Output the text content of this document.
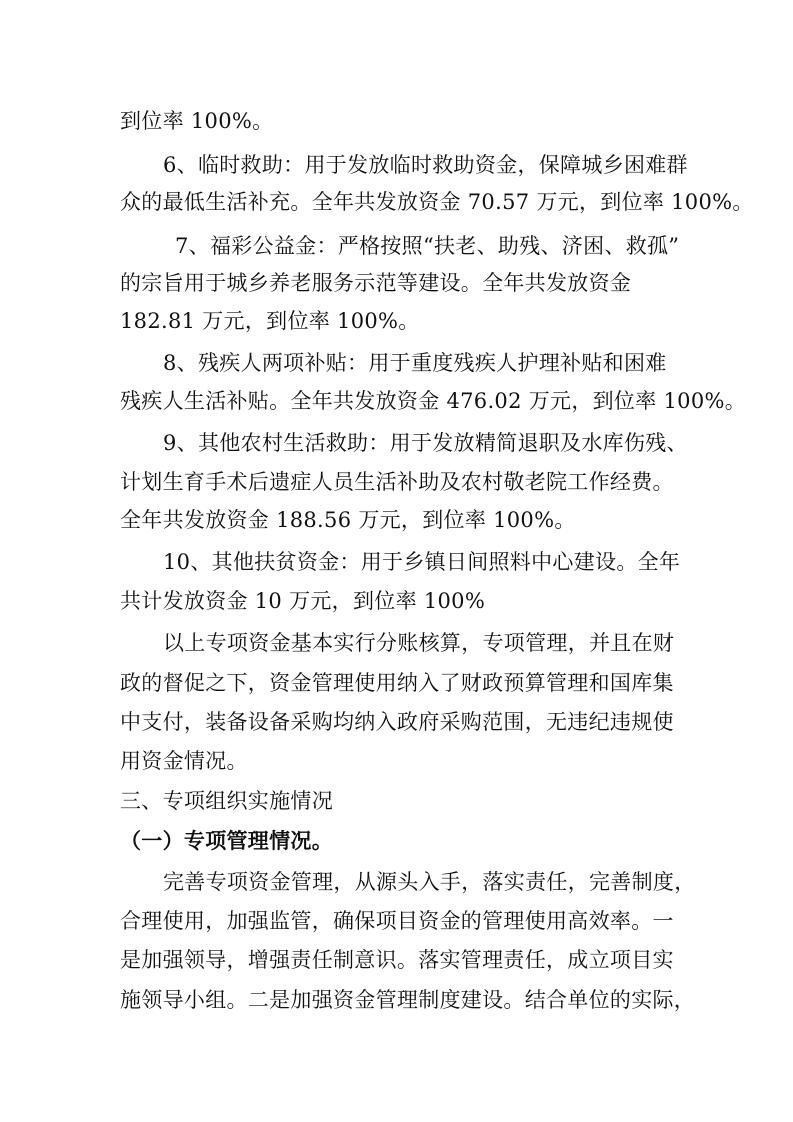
到位率 100%。
6、临时救助：用于发放临时救助资金，保障城乡困难群
众的最低生活补充。全年共发放资金 70.57 万元，到位率 100%。
7、福彩公益金：严格按照“扶老、助残、济困、救孤”
的宗旨用于城乡养老服务示范等建设。全年共发放资金
182.81 万元，到位率 100%。
8、残疾人两项补贴：用于重度残疾人护理补贴和困难
残疾人生活补贴。全年共发放资金 476.02 万元，到位率 100%。
9、其他农村生活救助：用于发放精简退职及水库伤残、
计划生育手术后遗症人员生活补助及农村敬老院工作经费。
全年共发放资金 188.56 万元，到位率 100%。
10、其他扶贫资金：用于乡镇日间照料中心建设。全年
共计发放资金 10 万元，到位率 100%
以上专项资金基本实行分账核算，专项管理，并且在财
政的督促之下，资金管理使用纳入了财政预算管理和国库集
中支付，装备设备采购均纳入政府采购范围，无违纪违规使
用资金情况。
三、专项组织实施情况
（一）专项管理情况。
完善专项资金管理，从源头入手，落实责任，完善制度，
合理使用，加强监管，确保项目资金的管理使用高效率。一
是加强领导，增强责任制意识。落实管理责任，成立项目实
施领导小组。二是加强资金管理制度建设。结合单位的实际，
